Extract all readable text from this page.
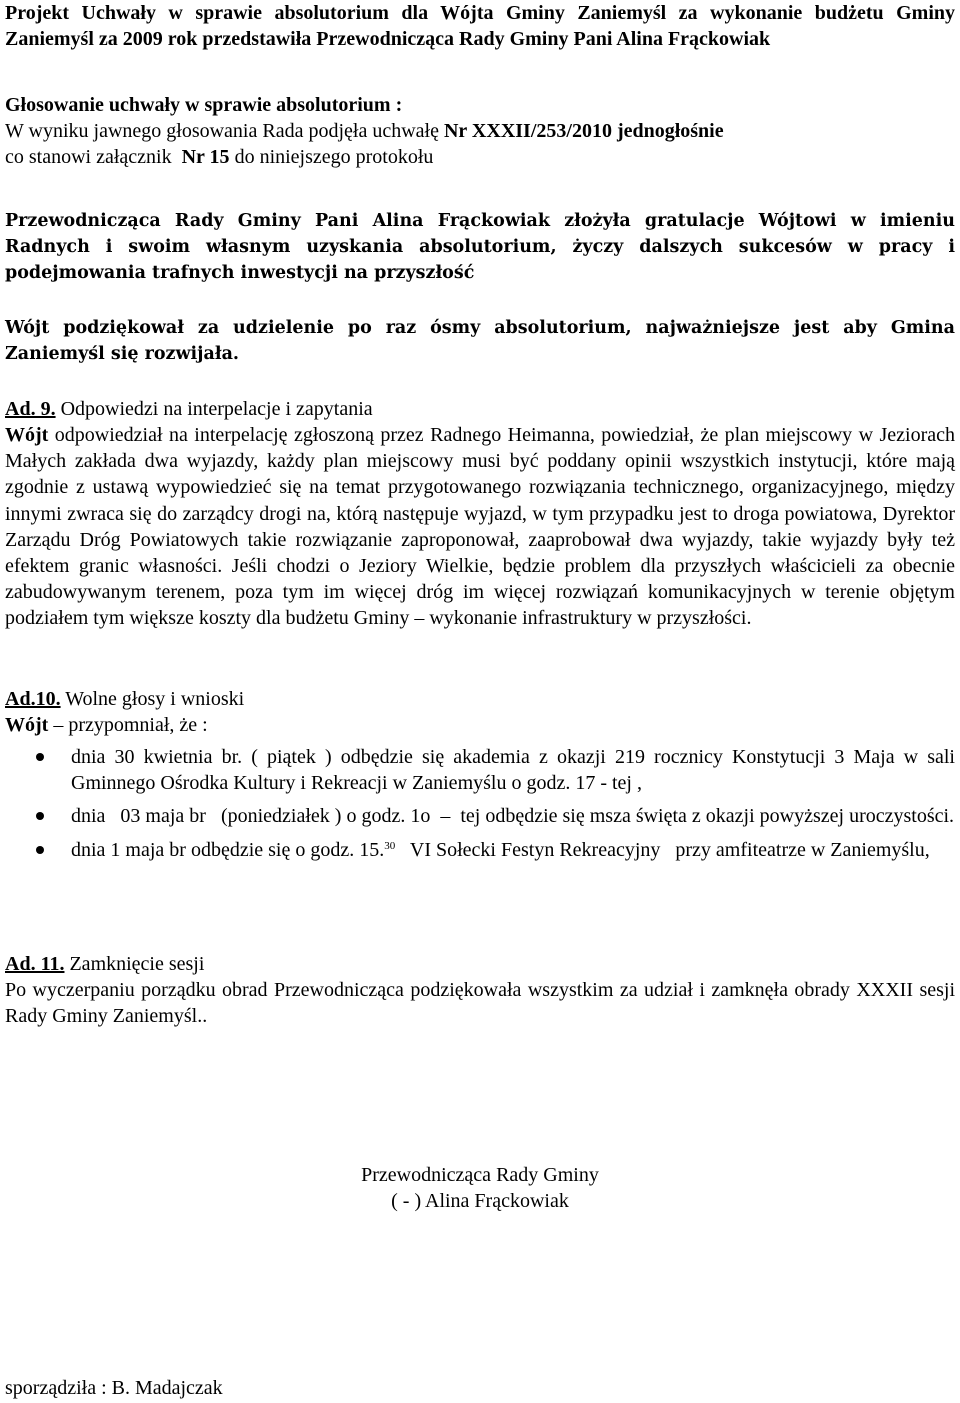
Projekt Uchwały w sprawie absolutorium dla Wójta Gminy Zaniemyśl za wykonanie budżetu Gminy Zaniemyśl za 2009 rok przedstawiła Przewodnicząca Rady Gminy Pani Alina Frąckowiak

Głosowanie uchwały w sprawie absolutorium :
W wyniku jawnego głosowania Rada podjęła uchwałę Nr XXXII/253/2010 jednogłośnie
co stanowi załącznik  Nr 15 do niniejszego protokołu

Przewodnicząca Rady Gminy Pani Alina Frąckowiak złożyła gratulacje Wójtowi w imieniu Radnych i swoim własnym uzyskania absolutorium, życzy dalszych sukcesów w pracy i podejmowania trafnych inwestycji na przyszłość

Wójt podziękował za udzielenie po raz ósmy absolutorium, najważniejsze jest aby Gmina Zaniemyśl się rozwijała.

Ad. 9. Odpowiedzi na interpelacje i zapytania

Wójt odpowiedział na interpelację zgłoszoną przez Radnego Heimanna, powiedział, że plan miejscowy w Jeziorach Małych zakłada dwa wyjazdy, każdy plan miejscowy musi być poddany opinii wszystkich instytucji, które mają zgodnie z ustawą wypowiedzieć się na temat przygotowanego rozwiązania technicznego, organizacyjnego, między innymi zwraca się do zarządcy drogi na, którą następuje wyjazd, w tym przypadku jest to droga powiatowa, Dyrektor Zarządu Dróg Powiatowych takie rozwiązanie zaproponował, zaaprobował dwa wyjazdy, takie wyjazdy były też efektem granic własności. Jeśli chodzi o Jeziory Wielkie, będzie problem dla przyszłych właścicieli za obecnie zabudowywanym terenem, poza tym im więcej dróg im więcej rozwiązań komunikacyjnych w terenie objętym podziałem tym większe koszty dla budżetu Gminy – wykonanie infrastruktury w przyszłości.

Ad.10. Wolne głosy i wnioski

Wójt – przypomniał, że :

dnia 30 kwietnia br. ( piątek ) odbędzie się akademia z okazji 219 rocznicy Konstytucji 3 Maja w sali Gminnego Ośrodka Kultury i Rekreacji w Zaniemyślu o godz. 17 - tej ,
dnia   03 maja br   (poniedziałek ) o godz. 1o  –  tej odbędzie się msza święta z okazji powyższej uroczystości.
dnia 1 maja br odbędzie się o godz. 15.30   VI Sołecki Festyn Rekreacyjny   przy amfiteatrze w Zaniemyślu,

Ad. 11. Zamknięcie sesji

Po wyczerpaniu porządku obrad Przewodnicząca podziękowała wszystkim za udział i zamknęła obrady XXXII sesji Rady Gminy Zaniemyśl..

Przewodnicząca Rady Gminy
( - ) Alina Frąckowiak

sporządziła : B. Madajczak
